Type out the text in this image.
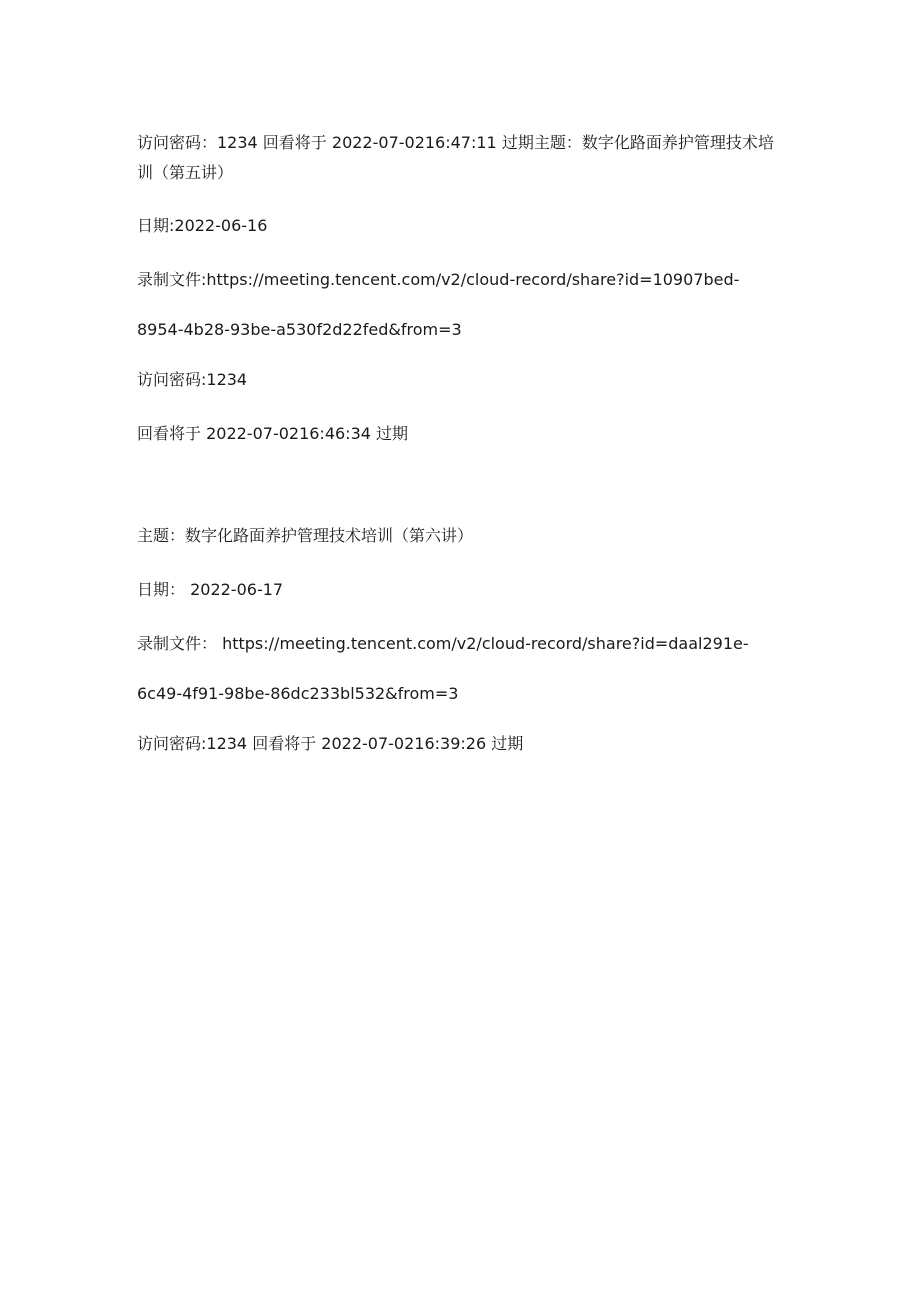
访问密码：1234 回看将于 2022-07-0216:47:11 过期主题：数字化路面养护管理技术培训（第五讲）

日期:2022-06-16

录制文件:https://meeting.tencent.com/v2/cloud-record/share?id=10907bed-

8954-4b28-93be-a530f2d22fed&from=3

访问密码:1234

回看将于 2022-07-0216:46:34 过期

主题：数字化路面养护管理技术培训（第六讲）

日期： 2022-06-17

录制文件： https://meeting.tencent.com/v2/cloud-record/share?id=daal291e-

6c49-4f91-98be-86dc233bl532&from=3

访问密码:1234 回看将于 2022-07-0216:39:26 过期
